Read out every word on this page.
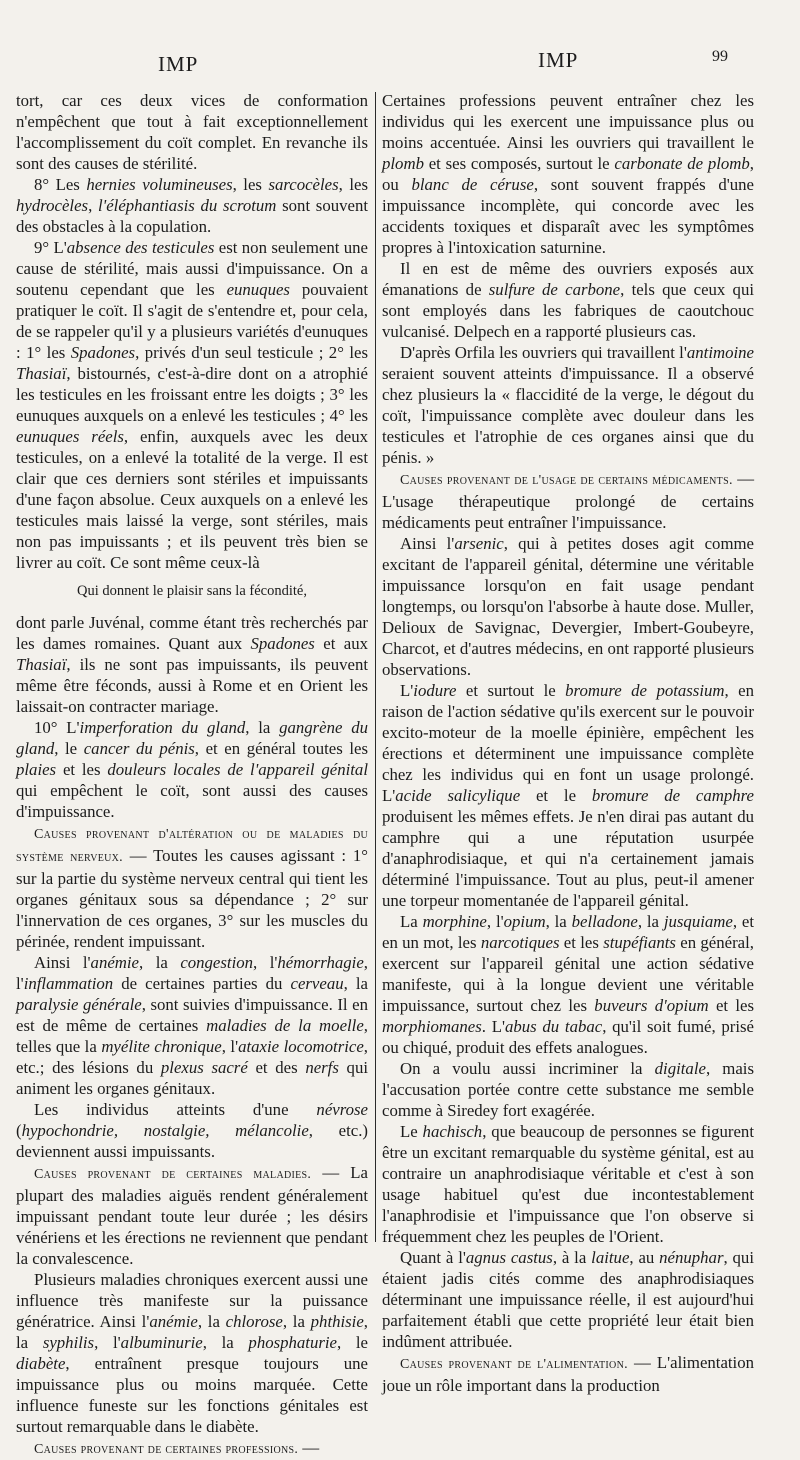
IMP	IMP	99

tort, car ces deux vices de conformation n'empêchent que tout à fait exceptionnellement l'accomplissement du coït complet. En revanche ils sont des causes de stérilité.

8° Les hernies volumineuses, les sarcocèles, les hydrocèles, l'éléphantiasis du scrotum sont souvent des obstacles à la copulation.

9° L'absence des testicules est non seulement une cause de stérilité, mais aussi d'impuissance. On a soutenu cependant que les eunuques pouvaient pratiquer le coït. Il s'agit de s'entendre et, pour cela, de se rappeler qu'il y a plusieurs variétés d'eunuques : 1° les Spadones, privés d'un seul testicule ; 2° les Thasiaï, bistournés, c'est-à-dire dont on a atrophié les testicules en les froissant entre les doigts ; 3° les eunuques auxquels on a enlevé les testicules ; 4° les eunuques réels, enfin, auxquels avec les deux testicules, on a enlevé la totalité de la verge. Il est clair que ces derniers sont stériles et impuissants d'une façon absolue. Ceux auxquels on a enlevé les testicules mais laissé la verge, sont stériles, mais non pas impuissants ; et ils peuvent très bien se livrer au coït. Ce sont même ceux-là

Qui donnent le plaisir sans la fécondité,

dont parle Juvénal, comme étant très recherchés par les dames romaines. Quant aux Spadones et aux Thasiaï, ils ne sont pas impuissants, ils peuvent même être féconds, aussi à Rome et en Orient les laissait-on contracter mariage.

10° L'imperforation du gland, la gangrène du gland, le cancer du pénis, et en général toutes les plaies et les douleurs locales de l'appareil génital qui empêchent le coït, sont aussi des causes d'impuissance.

Causes provenant d'altération ou de maladies du système nerveux. — Toutes les causes agissant : 1° sur la partie du système nerveux central qui tient les organes génitaux sous sa dépendance ; 2° sur l'innervation de ces organes, 3° sur les muscles du périnée, rendent impuissant.

Ainsi l'anémie, la congestion, l'hémorrhagie, l'inflammation de certaines parties du cerveau, la paralysie générale, sont suivies d'impuissance. Il en est de même de certaines maladies de la moelle, telles que la myélite chronique, l'ataxie locomotrice, etc.; des lésions du plexus sacré et des nerfs qui animent les organes génitaux.

Les individus atteints d'une névrose (hypochondrie, nostalgie, mélancolie, etc.) deviennent aussi impuissants.

Causes provenant de certaines maladies. — La plupart des maladies aiguës rendent généralement impuissant pendant toute leur durée ; les désirs vénériens et les érections ne reviennent que pendant la convalescence.

Plusieurs maladies chroniques exercent aussi une influence très manifeste sur la puissance génératrice. Ainsi l'anémie, la chlorose, la phthisie, la syphilis, l'albuminurie, la phosphaturie, le diabète, entraînent presque toujours une impuissance plus ou moins marquée. Cette influence funeste sur les fonctions génitales est surtout remarquable dans le diabète.

Causes provenant de certaines professions. —

Certaines professions peuvent entraîner chez les individus qui les exercent une impuissance plus ou moins accentuée. Ainsi les ouvriers qui travaillent le plomb et ses composés, surtout le carbonate de plomb, ou blanc de céruse, sont souvent frappés d'une impuissance incomplète, qui concorde avec les accidents toxiques et disparaît avec les symptômes propres à l'intoxication saturnine.

Il en est de même des ouvriers exposés aux émanations de sulfure de carbone, tels que ceux qui sont employés dans les fabriques de caoutchouc vulcanisé. Delpech en a rapporté plusieurs cas.

D'après Orfila les ouvriers qui travaillent l'antimoine seraient souvent atteints d'impuissance. Il a observé chez plusieurs la « flaccidité de la verge, le dégout du coït, l'impuissance complète avec douleur dans les testicules et l'atrophie de ces organes ainsi que du pénis. »

Causes provenant de l'usage de certains médicaments. — L'usage thérapeutique prolongé de certains médicaments peut entraîner l'impuissance.

Ainsi l'arsenic, qui à petites doses agit comme excitant de l'appareil génital, détermine une véritable impuissance lorsqu'on en fait usage pendant longtemps, ou lorsqu'on l'absorbe à haute dose. Muller, Delioux de Savignac, Devergier, Imbert-Goubeyre, Charcot, et d'autres médecins, en ont rapporté plusieurs observations.

L'iodure et surtout le bromure de potassium, en raison de l'action sédative qu'ils exercent sur le pouvoir excito-moteur de la moelle épinière, empêchent les érections et déterminent une impuissance complète chez les individus qui en font un usage prolongé. L'acide salicylique et le bromure de camphre produisent les mêmes effets. Je n'en dirai pas autant du camphre qui a une réputation usurpée d'anaphrodisiaque, et qui n'a certainement jamais déterminé l'impuissance. Tout au plus, peut-il amener une torpeur momentanée de l'appareil génital.

La morphine, l'opium, la belladone, la jusquiame, et en un mot, les narcotiques et les stupéfiants en général, exercent sur l'appareil génital une action sédative manifeste, qui à la longue devient une véritable impuissance, surtout chez les buveurs d'opium et les morphiomanes. L'abus du tabac, qu'il soit fumé, prisé ou chiqué, produit des effets analogues.

On a voulu aussi incriminer la digitale, mais l'accusation portée contre cette substance me semble comme à Siredey fort exagérée.

Le hachisch, que beaucoup de personnes se figurent être un excitant remarquable du système génital, est au contraire un anaphrodisiaque véritable et c'est à son usage habituel qu'est due incontestablement l'anaphrodisie et l'impuissance que l'on observe si fréquemment chez les peuples de l'Orient.

Quant à l'agnus castus, à la laitue, au nénuphar, qui étaient jadis cités comme des anaphrodisiaques déterminant une impuissance réelle, il est aujourd'hui parfaitement établi que cette propriété leur était bien indûment attribuée.

Causes provenant de l'alimentation. — L'alimentation joue un rôle important dans la production
